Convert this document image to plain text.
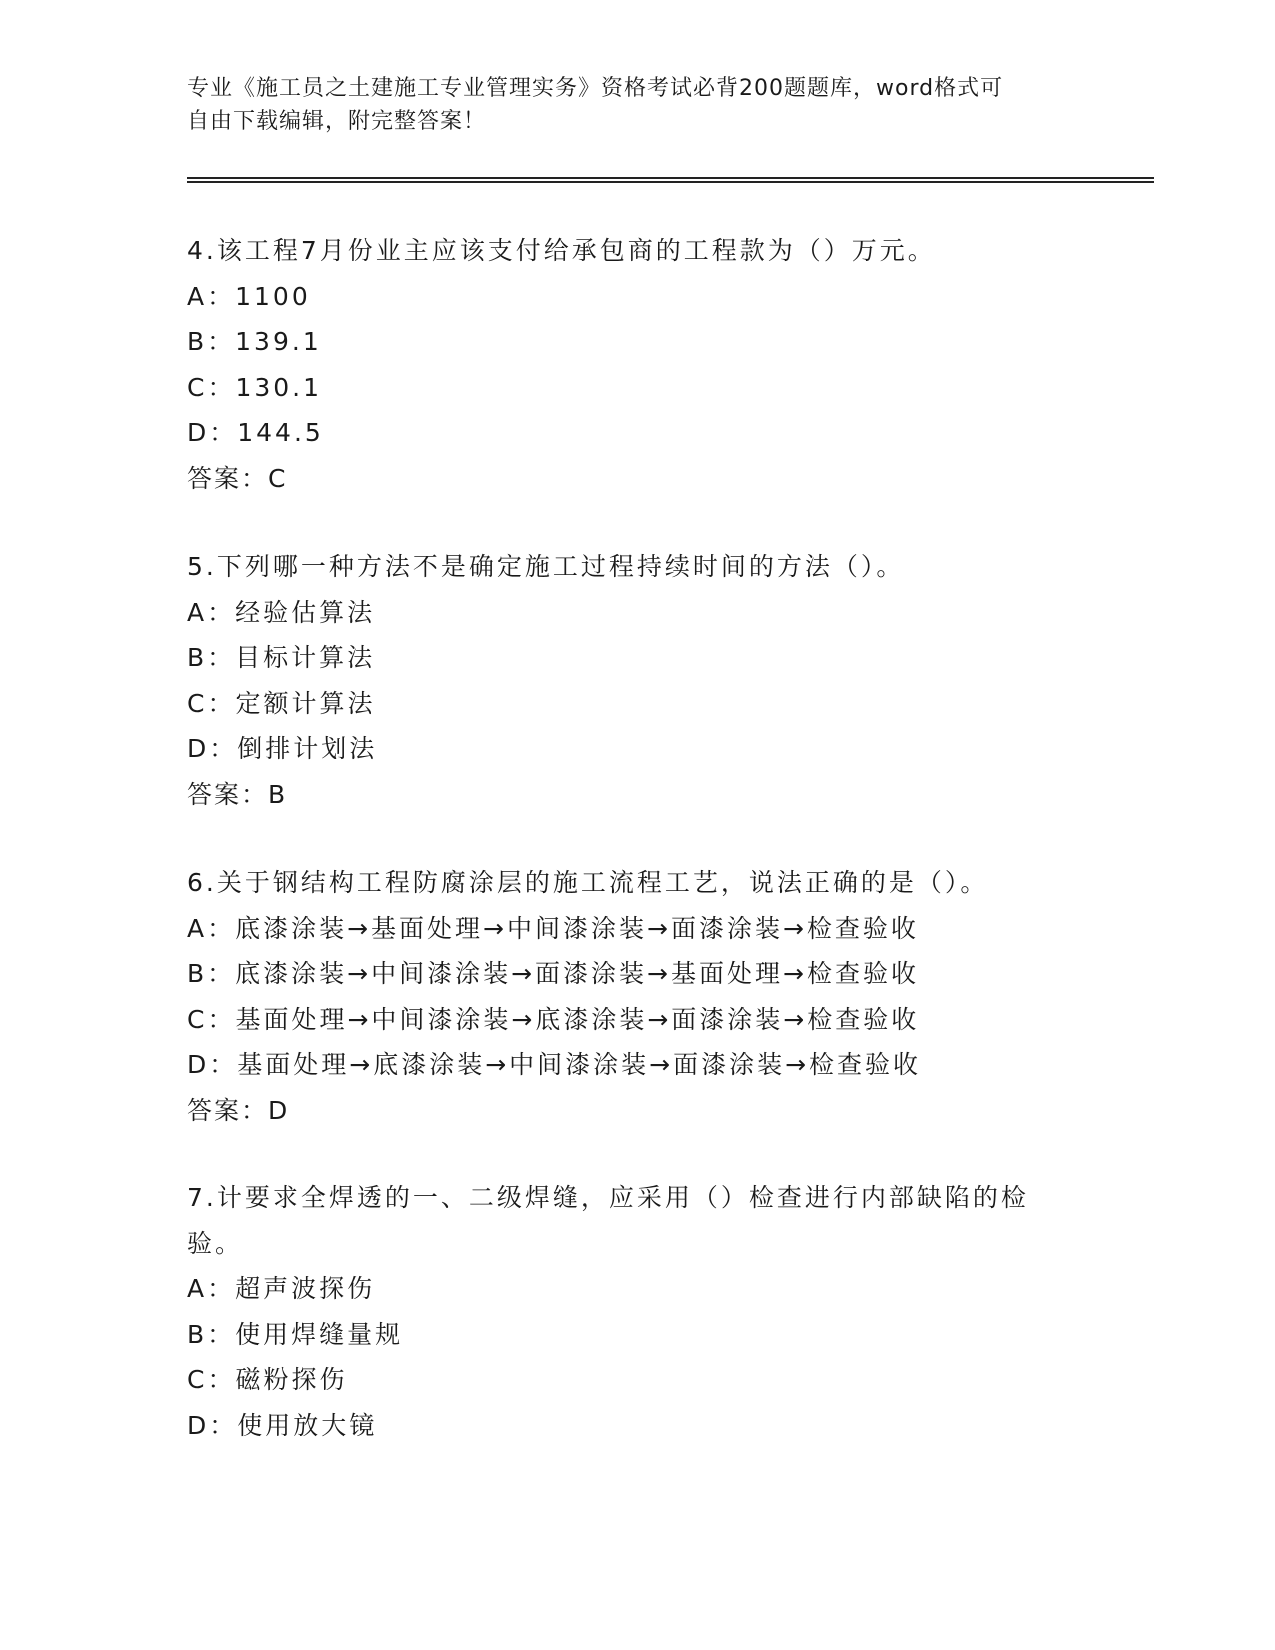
专业《施工员之土建施工专业管理实务》资格考试必背200题题库，word格式可
自由下载编辑，附完整答案！
4.该工程7月份业主应该支付给承包商的工程款为（）万元。
A：1100
B：139.1
C：130.1
D：144.5
答案：C
5.下列哪一种方法不是确定施工过程持续时间的方法（）。
A：经验估算法
B：目标计算法
C：定额计算法
D：倒排计划法
答案：B
6.关于钢结构工程防腐涂层的施工流程工艺，说法正确的是（）。
A：底漆涂装→基面处理→中间漆涂装→面漆涂装→检查验收
B：底漆涂装→中间漆涂装→面漆涂装→基面处理→检查验收
C：基面处理→中间漆涂装→底漆涂装→面漆涂装→检查验收
D：基面处理→底漆涂装→中间漆涂装→面漆涂装→检查验收
答案：D
7.计要求全焊透的一、二级焊缝，应采用（）检查进行内部缺陷的检验。
A：超声波探伤
B：使用焊缝量规
C：磁粉探伤
D：使用放大镜
